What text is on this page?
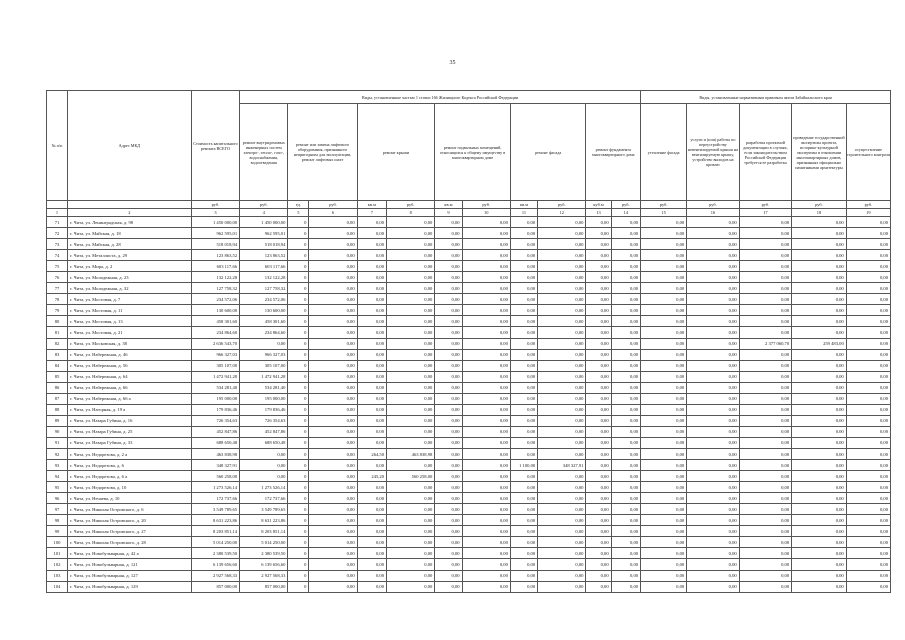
35
№ п/п	Адрес МКД	Стоимость капитального ремонта ВСЕГО	Виды, установленные частью 1 статьи 166 Жилищного Кодекса Российской Федерации											Виды, установленные нормативным правовым актом Забайкальского края				
			ремонт внутридомовых инженерных систем электро-, тепло-, газо-, водоснабжения, водоотведения	ремонт или замена лифтового оборудования, признанного непригодным для эксплуатации, ремонт лифтовых шахт		ремонт крыши		ремонт подвальных помещений, относящихся к общему имуществу в многоквартирном доме		ремонт фасада		ремонт фундамента многоквартирного дома		утепление фасада	услуги и (или) работы по переустройству невентилируемой крыши на вентилируемую крышу, устройство выходов на кровлю	разработка проектной документации в случаях, если законодательством Российской Федерации требуется ее разработка	проведение государственной экспертизы проекта, историко-культурной экспертизы в отношении многоквартирных домов, признанных официально памятниками архитектуры	осуществление строительного контроля
		руб.	руб.	ед.	руб.	кв.м	руб.	кв.м	руб.	кв.м	руб.	куб.м	руб.	руб.	руб.	руб.	руб.	руб.
1	2	3	4	5	6	7	8	9	10	11	12	13	14	15	16	17	18	19
71	г. Чита, ул. Ленинградская, д. 98	1 450 000,00	1 450 000,00	0	0,00	0,00	0,00	0,00	0,00	0,00	0,00	0,00	0,00	0,00	0,00	0,00	0,00	0,00
72	г. Чита, ул. Майская, д. 18	962 595,01	962 595,01	0	0,00	0,00	0,00	0,00	0,00	0,00	0,00	0,00	0,00	0,00	0,00	0,00	0,00	0,00
73	г. Чита, ул. Майская, д. 28	518 018,94	518 018,94	0	0,00	0,00	0,00	0,00	0,00	0,00	0,00	0,00	0,00	0,00	0,00	0,00	0,00	0,00
74	г. Чита, ул. Металлиста, д. 29	123 863,52	123 863,52	0	0,00	0,00	0,00	0,00	0,00	0,00	0,00	0,00	0,00	0,00	0,00	0,00	0,00	0,00
75	г. Чита, ул. Мира, д. 2	603 117,66	603 117,66	0	0,00	0,00	0,00	0,00	0,00	0,00	0,00	0,00	0,00	0,00	0,00	0,00	0,00	0,00
76	г. Чита, ул. Молодежная, д. 23	132 122,28	132 122,28	0	0,00	0,00	0,00	0,00	0,00	0,00	0,00	0,00	0,00	0,00	0,00	0,00	0,00	0,00
77	г. Чита, ул. Молодежная, д. 32	127 758,32	127 758,32	0	0,00	0,00	0,00	0,00	0,00	0,00	0,00	0,00	0,00	0,00	0,00	0,00	0,00	0,00
78	г. Чита, ул. Мостовая, д. 7	234 572,06	234 572,06	0	0,00	0,00	0,00	0,00	0,00	0,00	0,00	0,00	0,00	0,00	0,00	0,00	0,00	0,00
79	г. Чита, ул. Мостовая, д. 11	130 600,00	130 600,00	0	0,00	0,00	0,00	0,00	0,00	0,00	0,00	0,00	0,00	0,00	0,00	0,00	0,00	0,00
80	г. Чита, ул. Мостовая, д. 13	458 301,60	458 301,60	0	0,00	0,00	0,00	0,00	0,00	0,00	0,00	0,00	0,00	0,00	0,00	0,00	0,00	0,00
81	г. Чита, ул. Мостовая, д. 21	234 864,60	234 864,60	0	0,00	0,00	0,00	0,00	0,00	0,00	0,00	0,00	0,00	0,00	0,00	0,00	0,00	0,00
82	г. Чита, ул. Московская, д. 38	2 636 543,70	0,00	0	0,00	0,00	0,00	0,00	0,00	0,00	0,00	0,00	0,00	0,00	0,00	2 377 060,70	259 483,00	0,00
83	г. Чита, ул. Набережная, д. 46	966 327,03	966 327,03	0	0,00	0,00	0,00	0,00	0,00	0,00	0,00	0,00	0,00	0,00	0,00	0,00	0,00	0,00
84	г. Чита, ул. Набережная, д. 56	305 107,00	305 107,00	0	0,00	0,00	0,00	0,00	0,00	0,00	0,00	0,00	0,00	0,00	0,00	0,00	0,00	0,00
85	г. Чита, ул. Набережная, д. 64	1 472 941,28	1 472 941,28	0	0,00	0,00	0,00	0,00	0,00	0,00	0,00	0,00	0,00	0,00	0,00	0,00	0,00	0,00
86	г. Чита, ул. Набережная, д. 66	534 281,40	534 281,40	0	0,00	0,00	0,00	0,00	0,00	0,00	0,00	0,00	0,00	0,00	0,00	0,00	0,00	0,00
87	г. Чита, ул. Набережная, д. 66 а	195 000,00	195 000,00	0	0,00	0,00	0,00	0,00	0,00	0,00	0,00	0,00	0,00	0,00	0,00	0,00	0,00	0,00
88	г. Чита, ул. Нагорная, д. 19 а	179 836,46	179 836,46	0	0,00	0,00	0,00	0,00	0,00	0,00	0,00	0,00	0,00	0,00	0,00	0,00	0,00	0,00
89	г. Чита, ул. Назара Губина, д. 16	726 354,63	726 354,63	0	0,00	0,00	0,00	0,00	0,00	0,00	0,00	0,00	0,00	0,00	0,00	0,00	0,00	0,00
90	г. Чита, ул. Назара Губина, д. 25	452 847,86	452 847,86	0	0,00	0,00	0,00	0,00	0,00	0,00	0,00	0,00	0,00	0,00	0,00	0,00	0,00	0,00
91	г. Чита, ул. Назара Губина, д. 33	688 650,48	688 650,48	0	0,00	0,00	0,00	0,00	0,00	0,00	0,00	0,00	0,00	0,00	0,00	0,00	0,00	0,00
92	г. Чита, ул. Недорезова, д. 2 а	463 838,98	0,00	0	0,00	264,50	463 838,98	0,00	0,00	0,00	0,00	0,00	0,00	0,00	0,00	0,00	0,00	0,00
93	г. Чита, ул. Недорезова, д. 6	348 327,91	0,00	0	0,00	0,00	0,00	0,00	0,00	1 100,00	348 327,91	0,00	0,00	0,00	0,00	0,00	0,00	0,00
94	г. Чита, ул. Недорезова, д. 6 а	560 258,00	0,00	0	0,00	245,20	560 258,00	0,00	0,00	0,00	0,00	0,00	0,00	0,00	0,00	0,00	0,00	0,00
95	г. Чита, ул. Недорезова, д. 10	1 273 526,14	1 273 526,14	0	0,00	0,00	0,00	0,00	0,00	0,00	0,00	0,00	0,00	0,00	0,00	0,00	0,00	0,00
96	г. Чита, ул. Нечаева, д. 10	172 737,66	172 737,66	0	0,00	0,00	0,00	0,00	0,00	0,00	0,00	0,00	0,00	0,00	0,00	0,00	0,00	0,00
97	г. Чита, ул. Николая Островского, д. 6	3 549 789,65	3 549 789,65	0	0,00	0,00	0,00	0,00	0,00	0,00	0,00	0,00	0,00	0,00	0,00	0,00	0,00	0,00
98	г. Чита, ул. Николая Островского, д. 20	8 631 223,86	8 631 223,86	0	0,00	0,00	0,00	0,00	0,00	0,00	0,00	0,00	0,00	0,00	0,00	0,00	0,00	0,00
99	г. Чита, ул. Николая Островского, д. 27	8 203 851,14	8 203 851,14	0	0,00	0,00	0,00	0,00	0,00	0,00	0,00	0,00	0,00	0,00	0,00	0,00	0,00	0,00
100	г. Чита, ул. Николая Островского, д. 28	5 014 250,00	5 014 250,00	0	0,00	0,00	0,00	0,00	0,00	0,00	0,00	0,00	0,00	0,00	0,00	0,00	0,00	0,00
101	г. Чита, ул. Новобульварная, д. 42 а	2 380 539,50	2 380 539,50	0	0,00	0,00	0,00	0,00	0,00	0,00	0,00	0,00	0,00	0,00	0,00	0,00	0,00	0,00
102	г. Чита, ул. Новобульварная, д. 121	6 139 656,60	6 139 656,60	0	0,00	0,00	0,00	0,00	0,00	0,00	0,00	0,00	0,00	0,00	0,00	0,00	0,00	0,00
103	г. Чита, ул. Новобульварная, д. 127	2 927 568,33	2 927 568,33	0	0,00	0,00	0,00	0,00	0,00	0,00	0,00	0,00	0,00	0,00	0,00	0,00	0,00	0,00
104	г. Чита, ул. Новобульварная, д. 129	857 000,00	857 000,00	0	0,00	0,00	0,00	0,00	0,00	0,00	0,00	0,00	0,00	0,00	0,00	0,00	0,00	0,00
